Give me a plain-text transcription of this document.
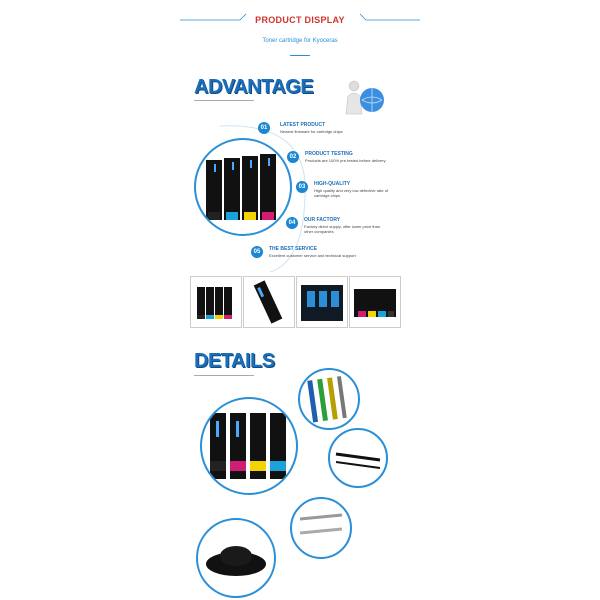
PRODUCT DISPLAY
Toner cartridge for Kyoceras
ADVANTAGE
01	LATEST PRODUCT
Newest firmware for cartridge chips
02	PRODUCT TESTING
Products are 100% pre-tested before delivery
03	HIGH-QUALITY
High quality and very low defective rate of cartridge chips
04	OUR FACTORY
Factory direct supply, offer lower price than other companies
05	THE BEST SERVICE
Excellent customer service and technical support
DETAILS
